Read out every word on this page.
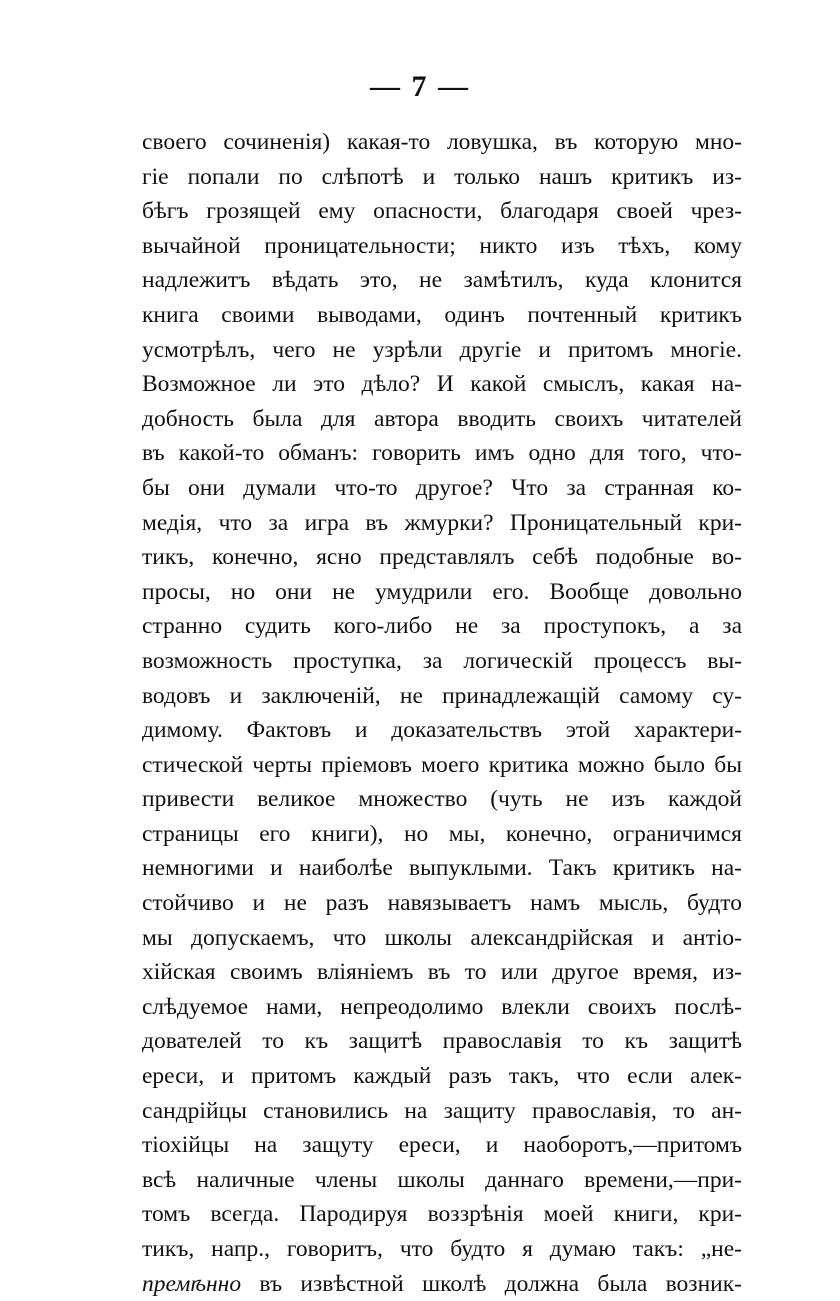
— 7 —
своего сочиненія) какая-то ловушка, въ которую мно-
гіе попали по слѣпотѣ и только нашъ критикъ из-
бѣгъ грозящей ему опасности, благодаря своей чрез-
вычайной проницательности; никто изъ тѣхъ, кому
надлежитъ вѣдать это, не замѣтилъ, куда клонится
книга своими выводами, одинъ почтенный критикъ
усмотрѣлъ, чего не узрѣли другіе и притомъ многіе.
Возможное ли это дѣло? И какой смыслъ, какая на-
добность была для автора вводить своихъ читателей
въ какой-то обманъ: говорить имъ одно для того, что-
бы они думали что-то другое? Что за странная ко-
медія, что за игра въ жмурки? Проницательный кри-
тикъ, конечно, ясно представлялъ себѣ подобные во-
просы, но они не умудрили его. Вообще довольно
странно судить кого-либо не за проступокъ, а за
возможность проступка, за логическій процессъ вы-
водовъ и заключеній, не принадлежащій самому су-
димому. Фактовъ и доказательствъ этой характери-
стической черты пріемовъ моего критика можно было бы
привести великое множество (чуть не изъ каждой
страницы его книги), но мы, конечно, ограничимся
немногими и наиболѣе выпуклыми. Такъ критикъ на-
стойчиво и не разъ навязываетъ намъ мысль, будто
мы допускаемъ, что школы александрійская и антіо-
хійская своимъ вліяніемъ въ то или другое время, из-
слѣдуемое нами, непреодолимо влекли своихъ послѣ-
дователей то къ защитѣ православія то къ защитѣ
ереси, и притомъ каждый разъ такъ, что если алек-
сандрійцы становились на защиту православія, то ан-
тіохійцы на защуту ереси, и наоборотъ,—притомъ
всѣ наличные члены школы даннаго времени,—при-
томъ всегда. Пародируя воззрѣнія моей книги, кри-
тикъ, напр., говоритъ, что будто я думаю такъ: „не-
премѣнно въ извѣстной школѣ должна была возник-
